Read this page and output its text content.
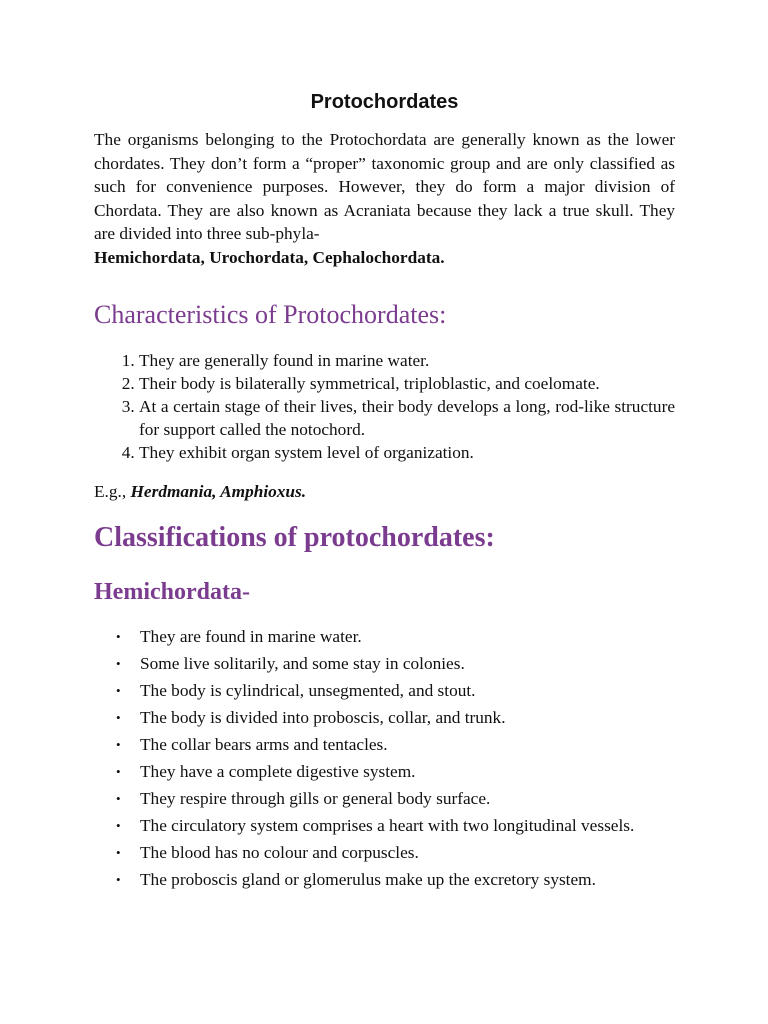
Protochordates

The organisms belonging to the Protochordata are generally known as the lower chordates. They don’t form a “proper” taxonomic group and are only classified as such for convenience purposes. However, they do form a major division of Chordata. They are also known as Acraniata because they lack a true skull. They are divided into three sub-phyla-
Hemichordata, Urochordata, Cephalochordata.

Characteristics of Protochordates:
1. They are generally found in marine water.
2. Their body is bilaterally symmetrical, triploblastic, and coelomate.
3. At a certain stage of their lives, their body develops a long, rod-like structure for support called the notochord.
4. They exhibit organ system level of organization.

E.g., Herdmania, Amphioxus.

Classifications of protochordates:
Hemichordata-
• They are found in marine water.
• Some live solitarily, and some stay in colonies.
• The body is cylindrical, unsegmented, and stout.
• The body is divided into proboscis, collar, and trunk.
• The collar bears arms and tentacles.
• They have a complete digestive system.
• They respire through gills or general body surface.
• The circulatory system comprises a heart with two longitudinal vessels.
• The blood has no colour and corpuscles.
• The proboscis gland or glomerulus make up the excretory system.
